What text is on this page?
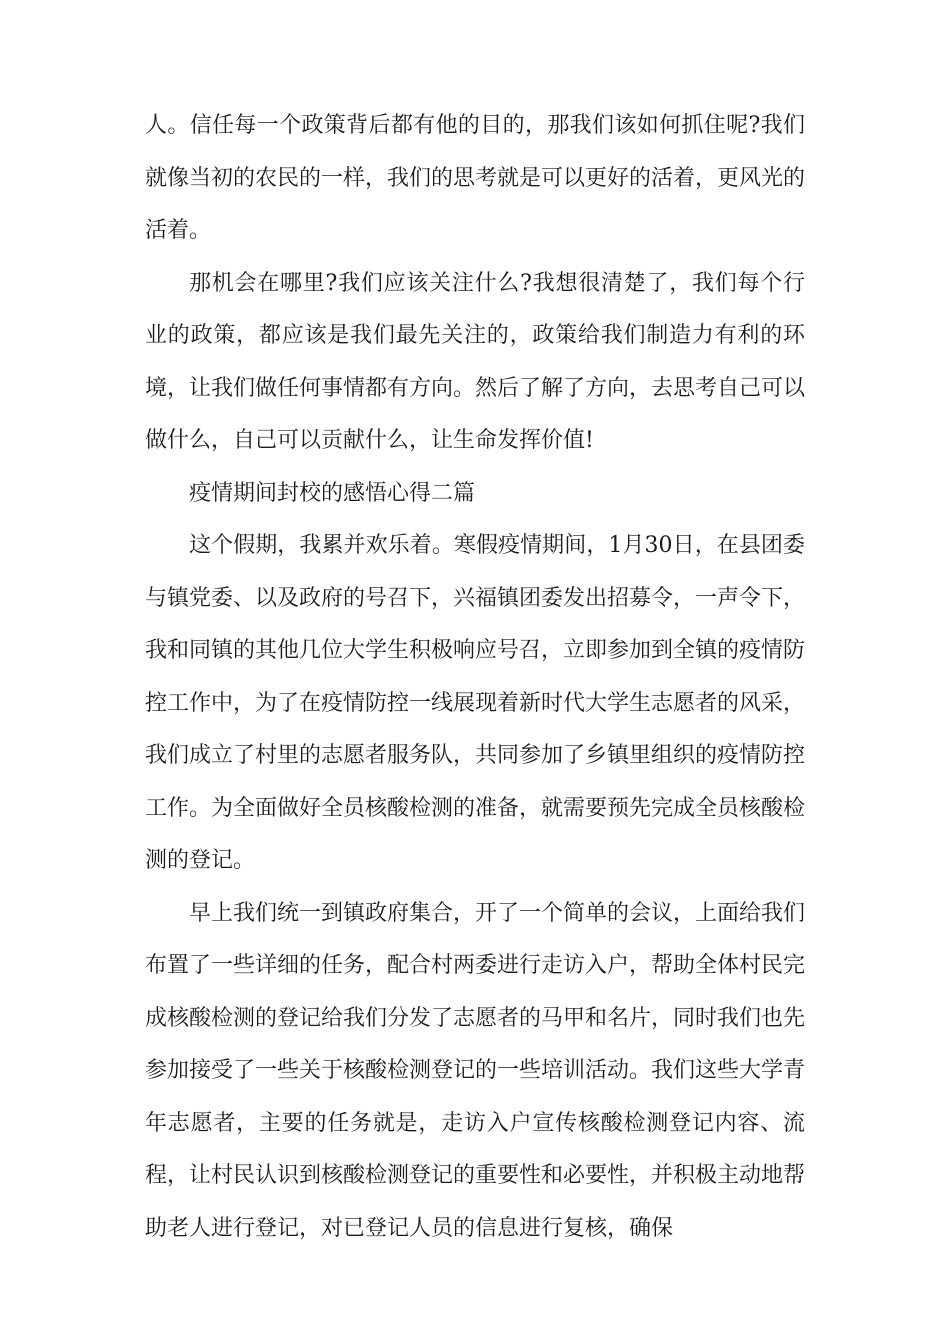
人。信任每一个政策背后都有他的目的，那我们该如何抓住呢?我们就像当初的农民的一样，我们的思考就是可以更好的活着，更风光的活着。

那机会在哪里?我们应该关注什么?我想很清楚了，我们每个行业的政策，都应该是我们最先关注的，政策给我们制造力有利的环境，让我们做任何事情都有方向。然后了解了方向，去思考自己可以做什么，自己可以贡献什么，让生命发挥价值!

疫情期间封校的感悟心得二篇

这个假期，我累并欢乐着。寒假疫情期间，1月30日，在县团委与镇党委、以及政府的号召下，兴福镇团委发出招募令，一声令下，我和同镇的其他几位大学生积极响应号召，立即参加到全镇的疫情防控工作中，为了在疫情防控一线展现着新时代大学生志愿者的风采，我们成立了村里的志愿者服务队，共同参加了乡镇里组织的疫情防控工作。为全面做好全员核酸检测的准备，就需要预先完成全员核酸检测的登记。

早上我们统一到镇政府集合，开了一个简单的会议，上面给我们布置了一些详细的任务，配合村两委进行走访入户，帮助全体村民完成核酸检测的登记给我们分发了志愿者的马甲和名片，同时我们也先参加接受了一些关于核酸检测登记的一些培训活动。我们这些大学青年志愿者，主要的任务就是，走访入户宣传核酸检测登记内容、流程，让村民认识到核酸检测登记的重要性和必要性，并积极主动地帮助老人进行登记，对已登记人员的信息进行复核，确保
